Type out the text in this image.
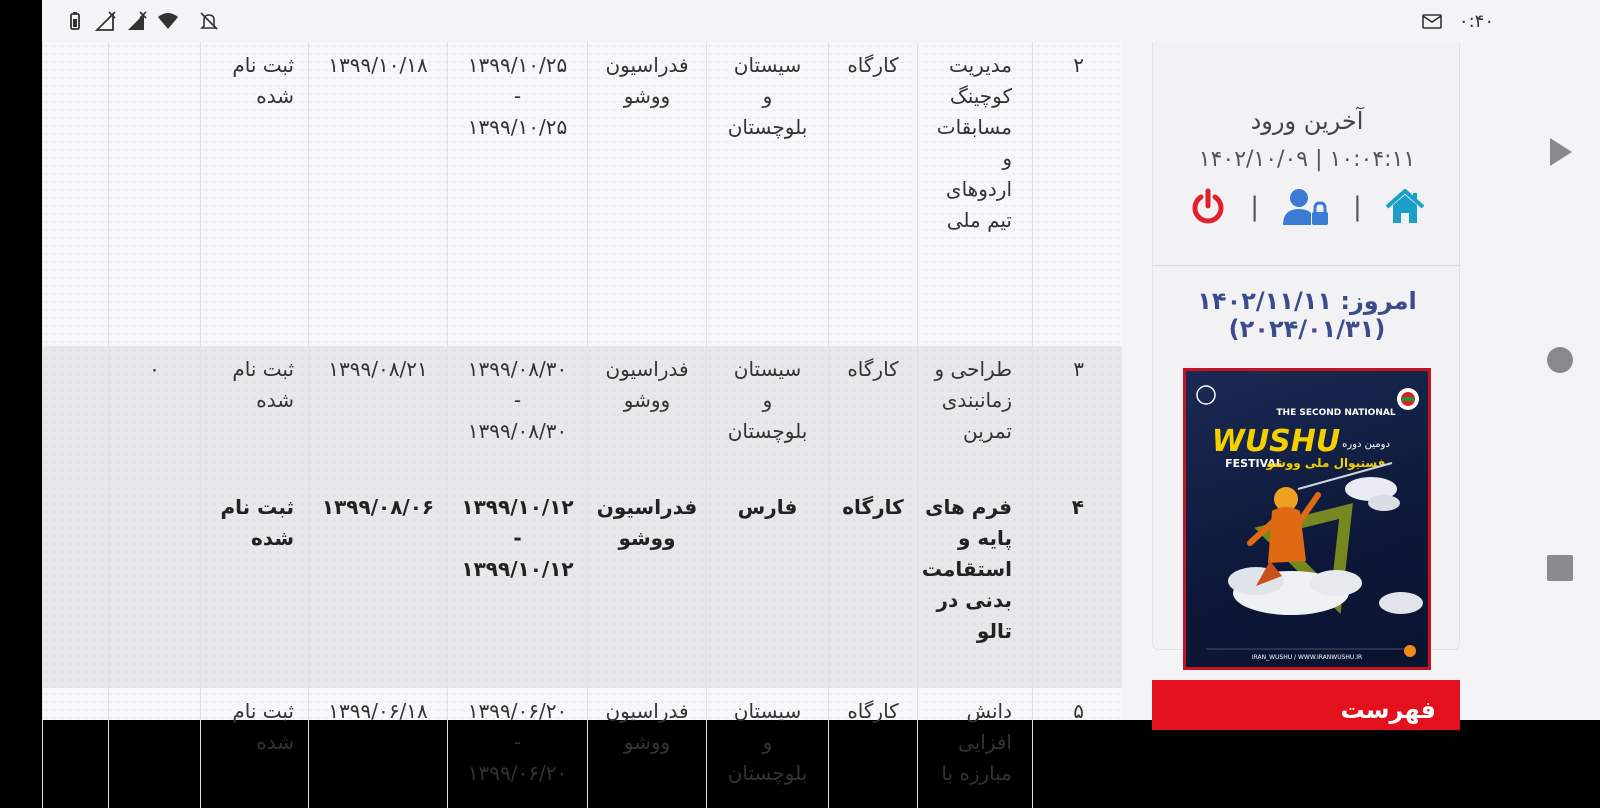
۰:۴۰
۲
مدیریت
کوچینگ
مسابقات
و
اردوهای
تیم ملی
کارگاه
سیستان
و
بلوچستان
فدراسیون
ووشو
۱۳۹۹/۱۰/۲۵
-
۱۳۹۹/۱۰/۲۵
۱۳۹۹/۱۰/۱۸
ثبت نام
شده
۳
طراحی و
زمانبندی
تمرین
کارگاه
سیستان
و
بلوچستان
فدراسیون
ووشو
۱۳۹۹/۰۸/۳۰
-
۱۳۹۹/۰۸/۳۰
۱۳۹۹/۰۸/۲۱
ثبت نام
شده
۰
۴
فرم های
پایه و
استقامت
بدنی در
تالو
کارگاه
فارس
فدراسیون
ووشو
۱۳۹۹/۱۰/۱۲
-
۱۳۹۹/۱۰/۱۲
۱۳۹۹/۰۸/۰۶
ثبت نام
شده
۵
دانش
افزایی
مبارزه با
کارگاه
سیستان
و
بلوچستان
فدراسیون
ووشو
۱۳۹۹/۰۶/۲۰
-
۱۳۹۹/۰۶/۲۰
۱۳۹۹/۰۶/۱۸
ثبت نام
شده
آخرین ورود
۱۴۰۲/۱۰/۰۹ | ۱۰:۰۴:۱۱
|	|
امروز: ۱۴۰۲/۱۱/۱۱ (۲۰۲۴/۰۱/۳۱)
THE SECOND NATIONAL
WUSHU
FESTIVAL
دومین دوره
فستیوال ملی ووشو
IRAN_WUSHU / WWW.IRANWUSHU.IR
فهرست
